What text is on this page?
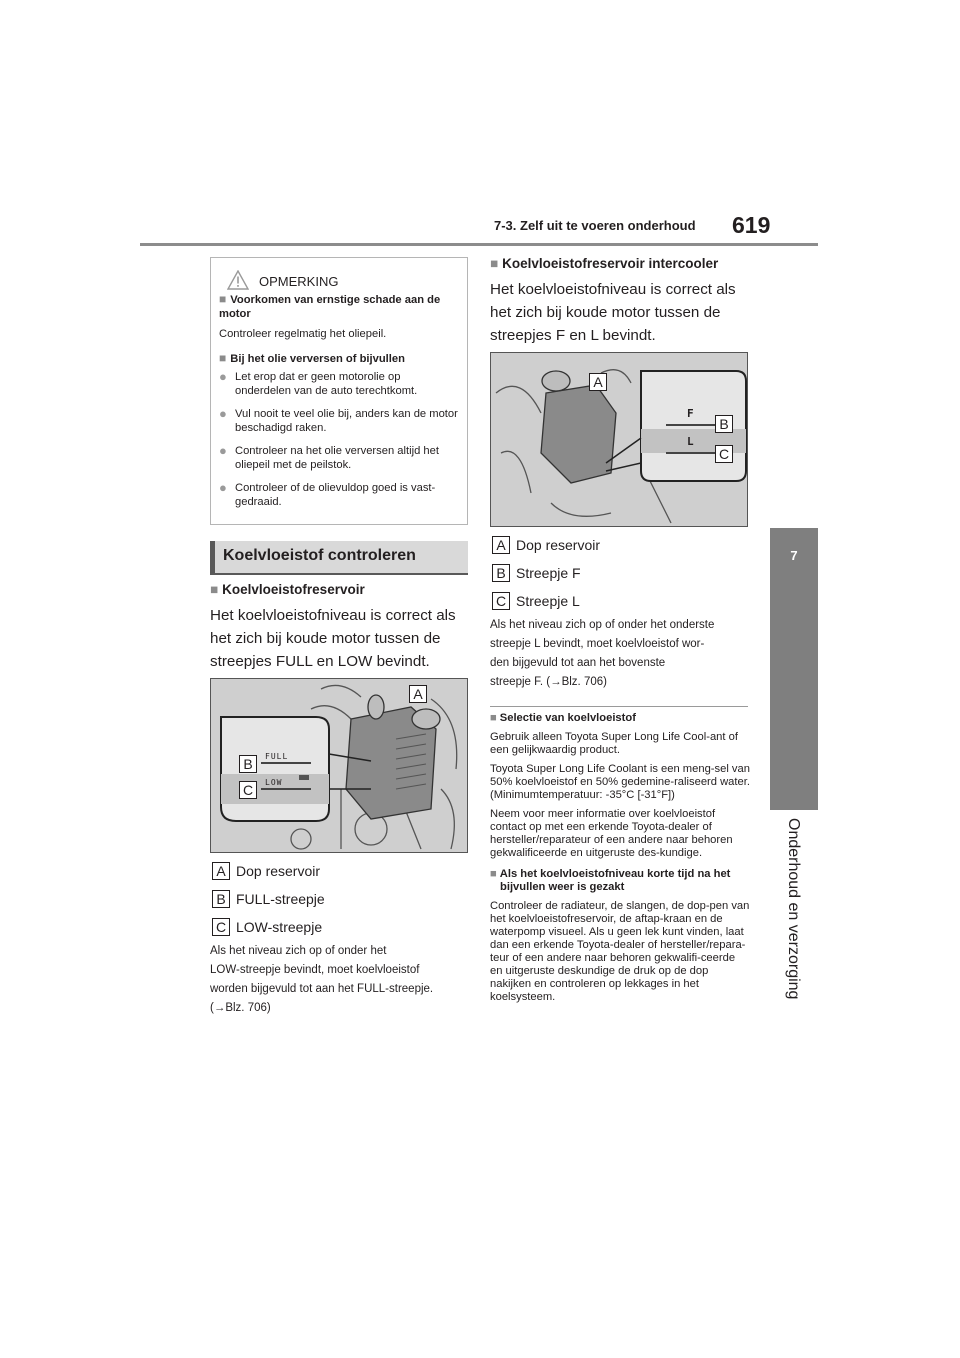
7-3. Zelf uit te voeren onderhoud 619
7
Onderhoud en verzorging
OPMERKING
■ Voorkomen van ernstige schade aan de motor
Controleer regelmatig het oliepeil.
■ Bij het olie verversen of bijvullen
● Let erop dat er geen motorolie op onderdelen van de auto terechtkomt.
● Vul nooit te veel olie bij, anders kan de motor beschadigd raken.
● Controleer na het olie verversen altijd het oliepeil met de peilstok.
● Controleer of de olievuldop goed is vast-gedraaid.
Koelvloeistof controleren
■ Koelvloeistofreservoir
Het koelvloeistofniveau is correct als het zich bij koude motor tussen de streepjes FULL en LOW bevindt.
FULL
LOW
A
B
C
A Dop reservoir
B FULL-streepje
C LOW-streepje
Als het niveau zich op of onder het
LOW-streepje bevindt, moet koelvloeistof
worden bijgevuld tot aan het FULL-streepje.
(→Blz. 706)
■ Koelvloeistofreservoir intercooler
Het koelvloeistofniveau is correct als het zich bij koude motor tussen de streepjes F en L bevindt.
F
L
A
B
C
A Dop reservoir
B Streepje F
C Streepje L
Als het niveau zich op of onder het onderste
streepje L bevindt, moet koelvloeistof wor-
den bijgevuld tot aan het bovenste
streepje F. (→Blz. 706)
■ Selectie van koelvloeistof
Gebruik alleen Toyota Super Long Life Cool-ant of een gelijkwaardig product.
Toyota Super Long Life Coolant is een meng-sel van 50% koelvloeistof en 50% gedemine-raliseerd water. (Minimumtemperatuur: -35°C [-31°F])
Neem voor meer informatie over koelvloeistof contact op met een erkende Toyota-dealer of hersteller/reparateur of een andere naar behoren gekwalificeerde en uitgeruste des-kundige.
■ Als het koelvloeistofniveau korte tijd na het bijvullen weer is gezakt
Controleer de radiateur, de slangen, de dop-pen van het koelvloeistofreservoir, de aftap-kraan en de waterpomp visueel. Als u geen lek kunt vinden, laat dan een erkende Toyota-dealer of hersteller/repara-teur of een andere naar behoren gekwalifi-ceerde en uitgeruste deskundige de druk op de dop nakijken en controleren op lekkages in het koelsysteem.
